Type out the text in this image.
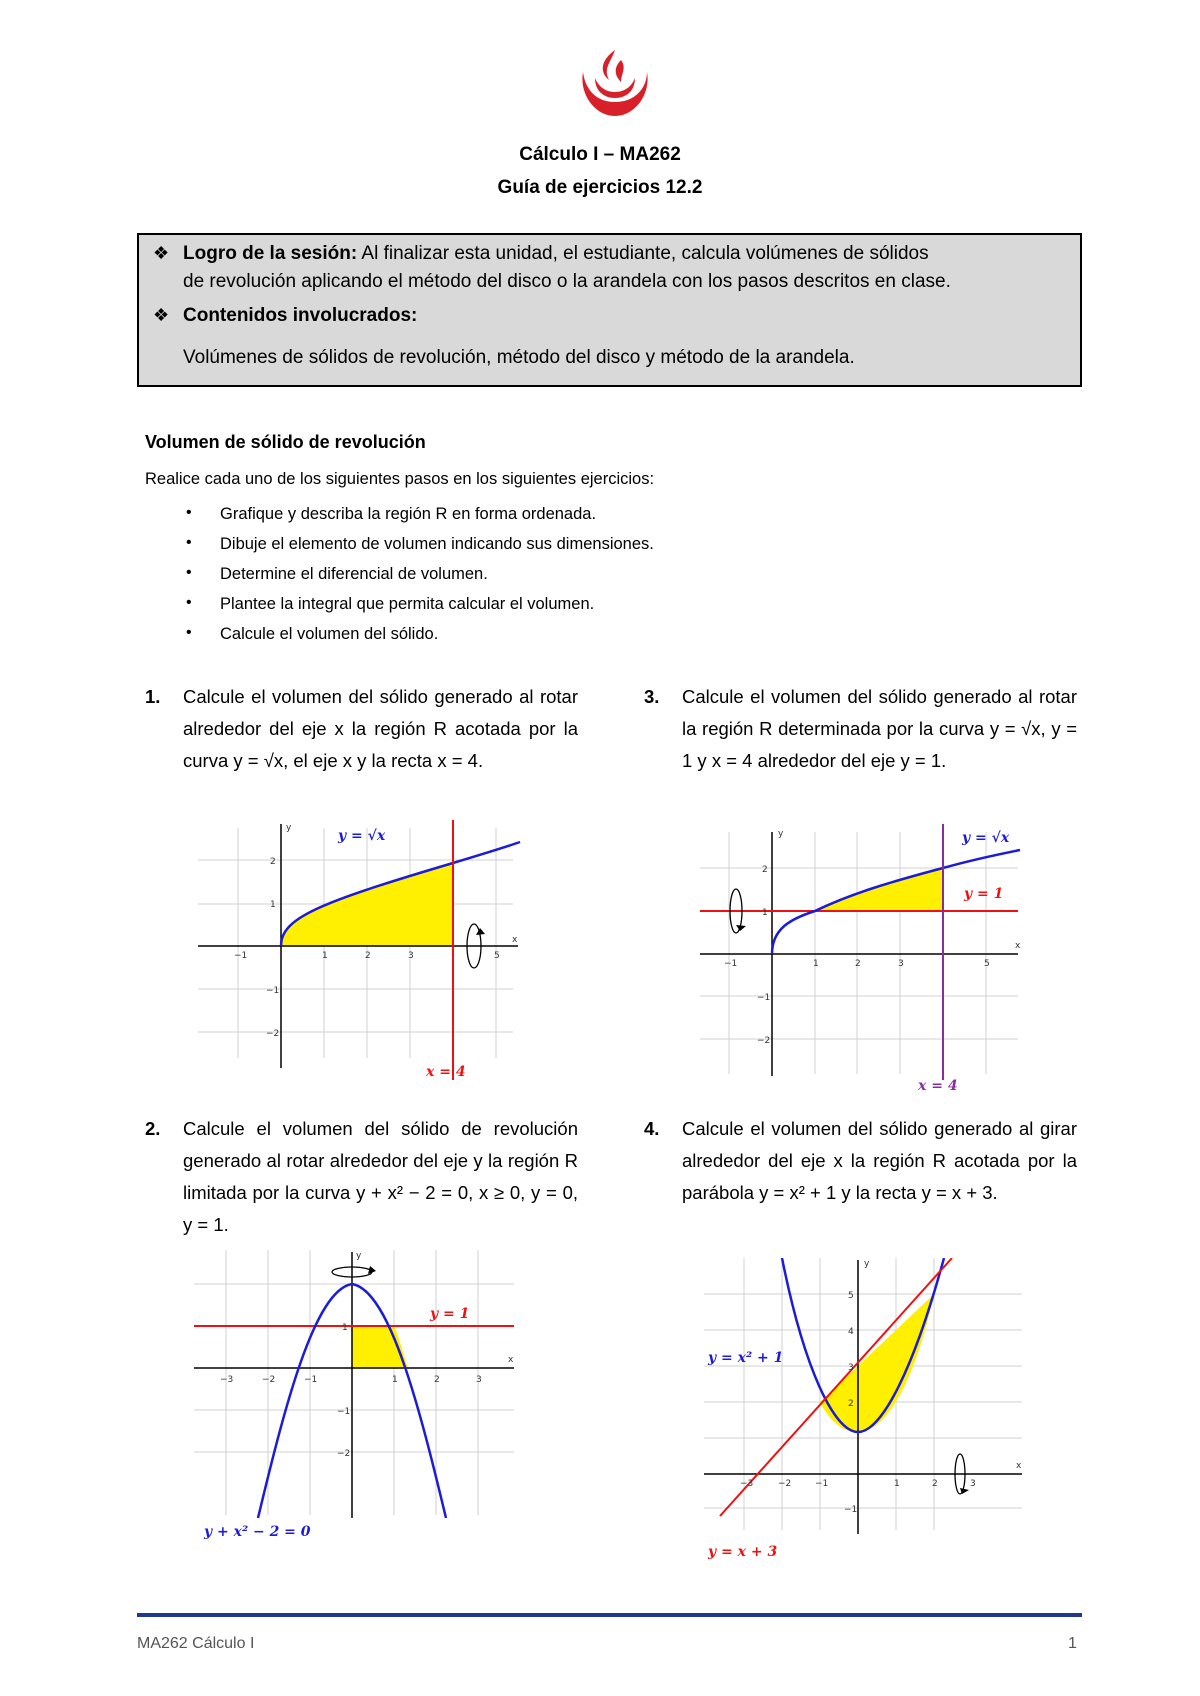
Cálculo I – MA262
Guía de ejercicios 12.2
❖ Logro de la sesión: Al finalizar esta unidad, el estudiante, calcula volúmenes de sólidos
de revolución aplicando el método del disco o la arandela con los pasos descritos en clase.
❖ Contenidos involucrados:
Volúmenes de sólidos de revolución, método del disco y método de la arandela.
Volumen de sólido de revolución
Realice cada uno de los siguientes pasos en los siguientes ejercicios:
• Grafique y describa la región R en forma ordenada.
• Dibuje el elemento de volumen indicando sus dimensiones.
• Determine el diferencial de volumen.
• Plantee la integral que permita calcular el volumen.
• Calcule el volumen del sólido.
1. Calcule el volumen del sólido generado al rotar alrededor del eje x la región R acotada por la curva y = √x, el eje x y la recta x = 4.
3. Calcule el volumen del sólido generado al rotar la región R determinada por la curva y = √x, y = 1 y x = 4 alrededor del eje y = 1.
2. Calcule el volumen del sólido de revolución generado al rotar alrededor del eje y la región R limitada por la curva y + x² − 2 = 0, x ≥ 0, y = 0, y = 1.
4. Calcule el volumen del sólido generado al girar alrededor del eje x la región R acotada por la parábola y = x² + 1 y la recta y = x + 3.
−1	1	2	3	5
2
1
−1
−2
y
x
y = √x
x = 4
−1	1	2	3	5
2
1
−1
−2
y
x
y = √x
y = 1
x = 4
−3	−2	−1	1	2	3
1
−1
−2
y
x
y = 1
y + x² − 2 = 0
−3	−2	−1	1	2	3
5
4
3
2
−1
y
x
y = x² + 1
y = x + 3
MA262 Cálculo I	1
